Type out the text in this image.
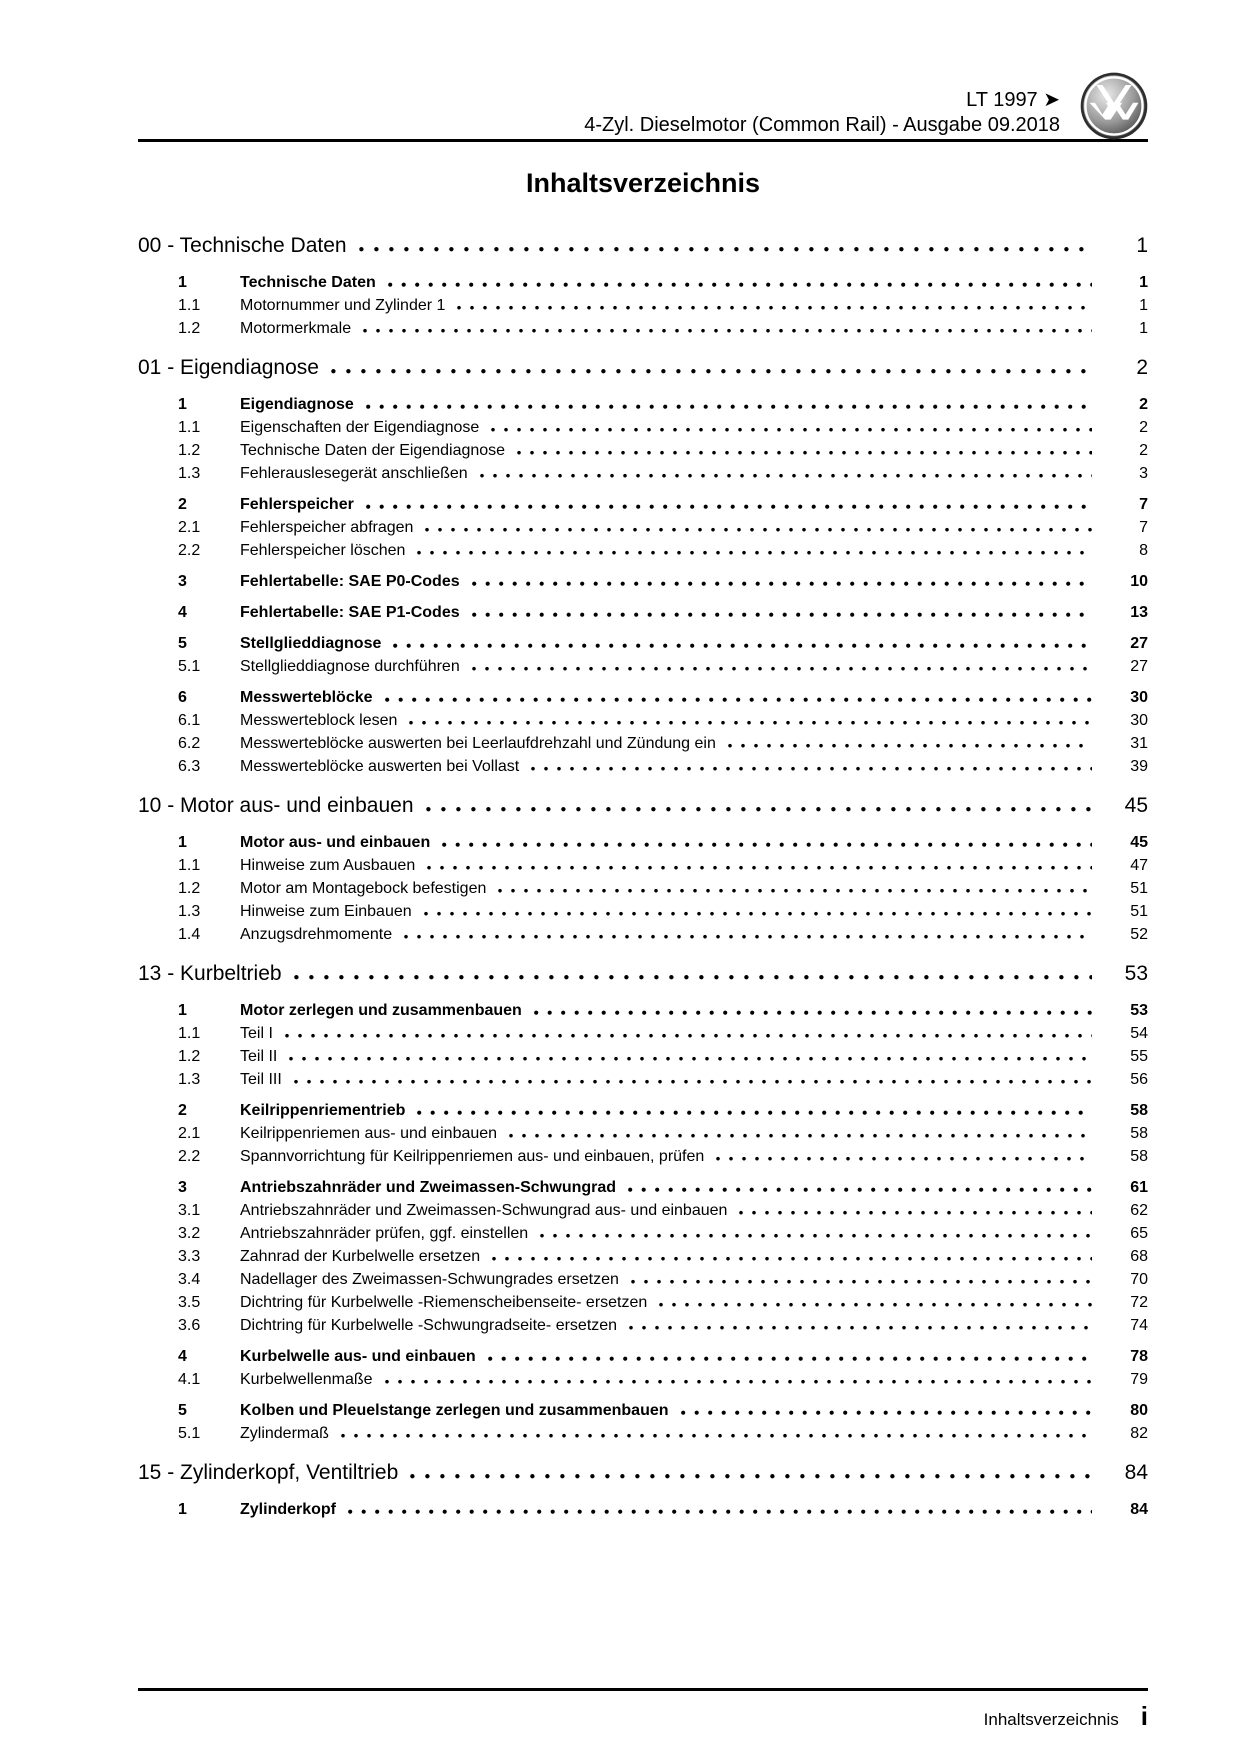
LT 1997 ➤
4-Zyl. Dieselmotor (Common Rail) - Ausgabe 09.2018
Inhaltsverzeichnis
00 - Technische Daten	1
1	Technische Daten	1
1.1	Motornummer und Zylinder 1	1
1.2	Motormerkmale	1
01 - Eigendiagnose	2
1	Eigendiagnose	2
1.1	Eigenschaften der Eigendiagnose	2
1.2	Technische Daten der Eigendiagnose	2
1.3	Fehlerauslesegerät anschließen	3
2	Fehlerspeicher	7
2.1	Fehlerspeicher abfragen	7
2.2	Fehlerspeicher löschen	8
3	Fehlertabelle: SAE P0-Codes	10
4	Fehlertabelle: SAE P1-Codes	13
5	Stellglieddiagnose	27
5.1	Stellglieddiagnose durchführen	27
6	Messwerteblöcke	30
6.1	Messwerteblock lesen	30
6.2	Messwerteblöcke auswerten bei Leerlaufdrehzahl und Zündung ein	31
6.3	Messwerteblöcke auswerten bei Vollast	39
10 - Motor aus- und einbauen	45
1	Motor aus- und einbauen	45
1.1	Hinweise zum Ausbauen	47
1.2	Motor am Montagebock befestigen	51
1.3	Hinweise zum Einbauen	51
1.4	Anzugsdrehmomente	52
13 - Kurbeltrieb	53
1	Motor zerlegen und zusammenbauen	53
1.1	Teil I	54
1.2	Teil II	55
1.3	Teil III	56
2	Keilrippenriementrieb	58
2.1	Keilrippenriemen aus- und einbauen	58
2.2	Spannvorrichtung für Keilrippenriemen aus- und einbauen, prüfen	58
3	Antriebszahnräder und Zweimassen-Schwungrad	61
3.1	Antriebszahnräder und Zweimassen-Schwungrad aus- und einbauen	62
3.2	Antriebszahnräder prüfen, ggf. einstellen	65
3.3	Zahnrad der Kurbelwelle ersetzen	68
3.4	Nadellager des Zweimassen-Schwungrades ersetzen	70
3.5	Dichtring für Kurbelwelle -Riemenscheibenseite- ersetzen	72
3.6	Dichtring für Kurbelwelle -Schwungradseite- ersetzen	74
4	Kurbelwelle aus- und einbauen	78
4.1	Kurbelwellenmaße	79
5	Kolben und Pleuelstange zerlegen und zusammenbauen	80
5.1	Zylindermaß	82
15 - Zylinderkopf, Ventiltrieb	84
1	Zylinderkopf	84
Inhaltsverzeichnis i
